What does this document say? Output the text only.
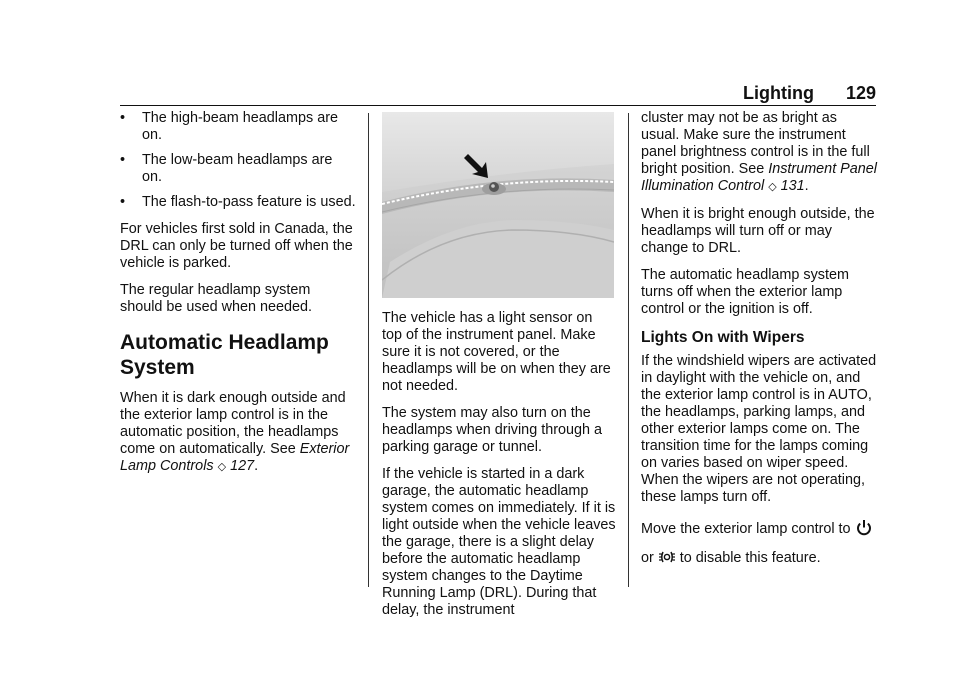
Lighting 129
• The high-beam headlamps are on.
• The low-beam headlamps are on.
• The flash-to-pass feature is used.

For vehicles first sold in Canada, the DRL can only be turned off when the vehicle is parked.

The regular headlamp system should be used when needed.

Automatic Headlamp System

When it is dark enough outside and the exterior lamp control is in the automatic position, the headlamps come on automatically. See Exterior Lamp Controls ◇ 127.

The vehicle has a light sensor on top of the instrument panel. Make sure it is not covered, or the headlamps will be on when they are not needed.

The system may also turn on the headlamps when driving through a parking garage or tunnel.

If the vehicle is started in a dark garage, the automatic headlamp system comes on immediately. If it is light outside when the vehicle leaves the garage, there is a slight delay before the automatic headlamp system changes to the Daytime Running Lamp (DRL). During that delay, the instrument

cluster may not be as bright as usual. Make sure the instrument panel brightness control is in the full bright position. See Instrument Panel Illumination Control ◇ 131.

When it is bright enough outside, the headlamps will turn off or may change to DRL.

The automatic headlamp system turns off when the exterior lamp control or the ignition is off.

Lights On with Wipers

If the windshield wipers are activated in daylight with the vehicle on, and the exterior lamp control is in AUTO, the headlamps, parking lamps, and other exterior lamps come on. The transition time for the lamps coming on varies based on wiper speed. When the wipers are not operating, these lamps turn off.

Move the exterior lamp control to
or to disable this feature.
